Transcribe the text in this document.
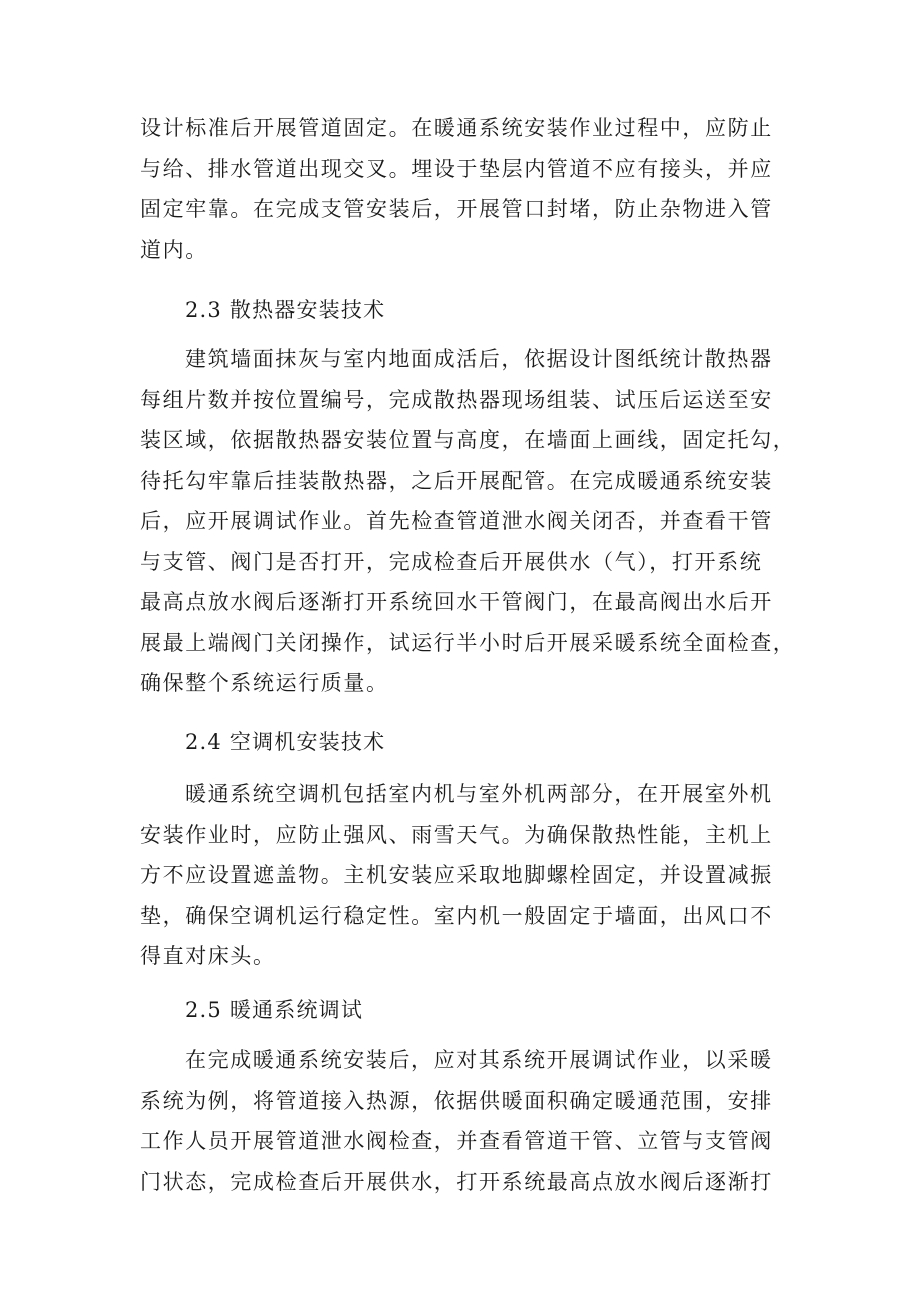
设计标准后开展管道固定。在暖通系统安装作业过程中，应防止
与给、排水管道出现交叉。埋设于垫层内管道不应有接头，并应
固定牢靠。在完成支管安装后，开展管口封堵，防止杂物进入管
道内。

2.3 散热器安装技术

建筑墙面抹灰与室内地面成活后，依据设计图纸统计散热器
每组片数并按位置编号，完成散热器现场组装、试压后运送至安
装区域，依据散热器安装位置与高度，在墙面上画线，固定托勾，
待托勾牢靠后挂装散热器，之后开展配管。在完成暖通系统安装
后，应开展调试作业。首先检查管道泄水阀关闭否，并查看干管
与支管、阀门是否打开，完成检查后开展供水（气），打开系统
最高点放水阀后逐渐打开系统回水干管阀门，在最高阀出水后开
展最上端阀门关闭操作，试运行半小时后开展采暖系统全面检查，
确保整个系统运行质量。

2.4 空调机安装技术

暖通系统空调机包括室内机与室外机两部分，在开展室外机
安装作业时，应防止强风、雨雪天气。为确保散热性能，主机上
方不应设置遮盖物。主机安装应采取地脚螺栓固定，并设置减振
垫，确保空调机运行稳定性。室内机一般固定于墙面，出风口不
得直对床头。

2.5 暖通系统调试

在完成暖通系统安装后，应对其系统开展调试作业，以采暖
系统为例，将管道接入热源，依据供暖面积确定暖通范围，安排
工作人员开展管道泄水阀检查，并查看管道干管、立管与支管阀
门状态，完成检查后开展供水，打开系统最高点放水阀后逐渐打
